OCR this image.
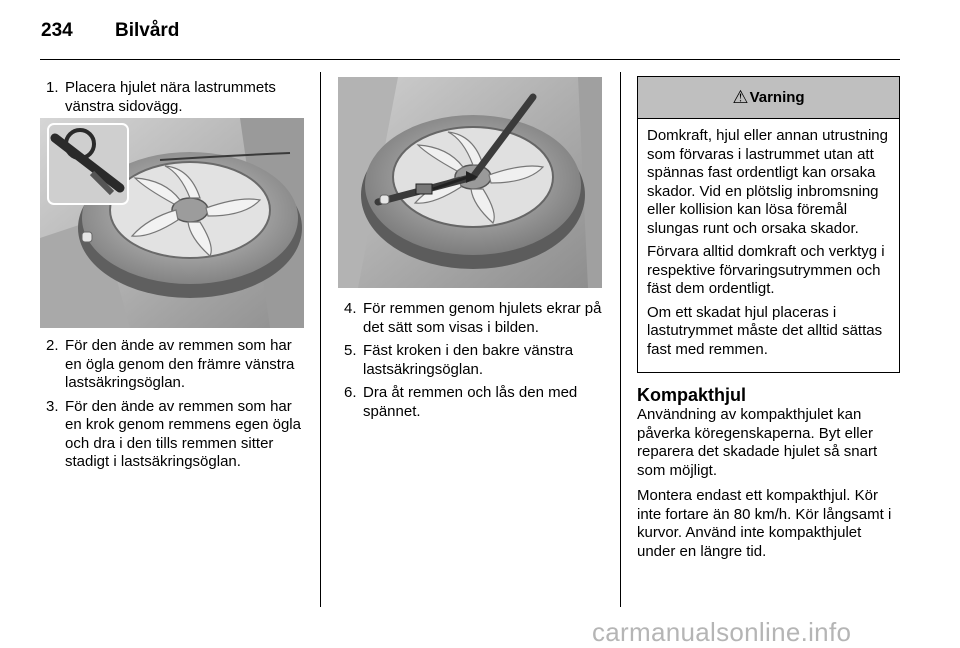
234 Bilvård
1. Placera hjulet nära lastrummets vänstra sidovägg.
2. För den ände av remmen som har en ögla genom den främre vänstra lastsäkringsöglan.
3. För den ände av remmen som har en krok genom remmens egen ögla och dra i den tills remmen sitter stadigt i lastsäkringsöglan.
4. För remmen genom hjulets ekrar på det sätt som visas i bilden.
5. Fäst kroken i den bakre vänstra lastsäkringsöglan.
6. Dra åt remmen och lås den med spännet.
⚠ Varning

Domkraft, hjul eller annan utrustning som förvaras i lastrummet utan att spännas fast ordentligt kan orsaka skador. Vid en plötslig inbromsning eller kollision kan lösa föremål slungas runt och orsaka skador.

Förvara alltid domkraft och verktyg i respektive förvaringsutrymmen och fäst dem ordentligt.

Om ett skadat hjul placeras i lastutrymmet måste det alltid sättas fast med remmen.

Kompakthjul

Användning av kompakthjulet kan påverka köregenskaperna. Byt eller reparera det skadade hjulet så snart som möjligt.

Montera endast ett kompakthjul. Kör inte fortare än 80 km/h. Kör långsamt i kurvor. Använd inte kompakthjulet under en längre tid.

carmanualsonline.info
